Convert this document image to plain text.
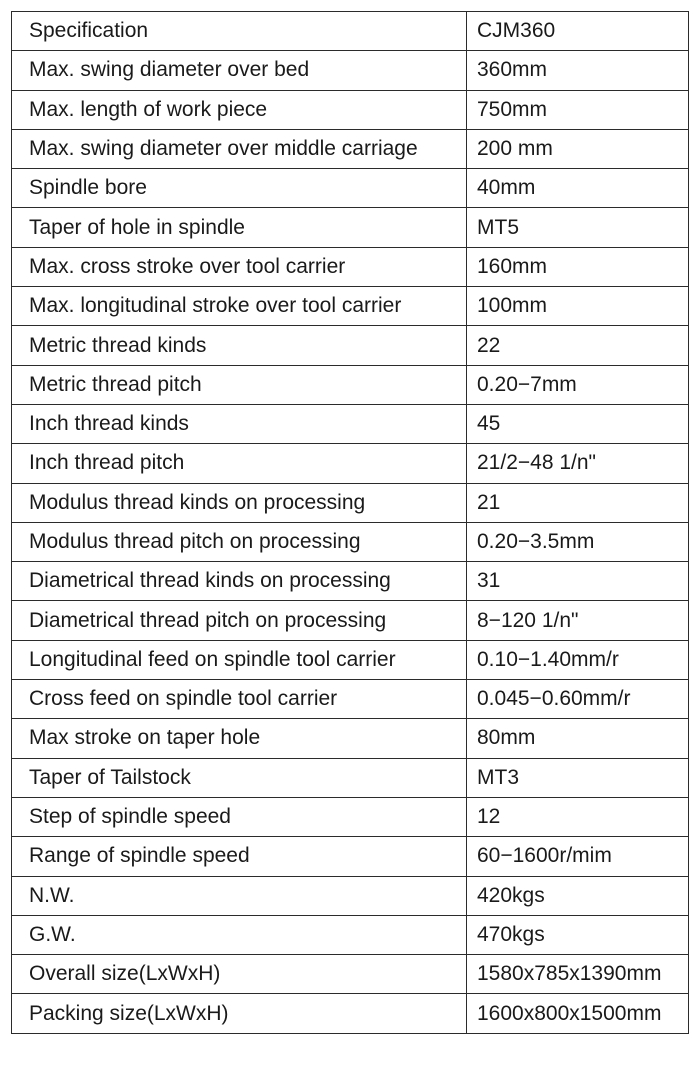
Specification	CJM360
Max. swing diameter over bed	360mm
Max. length of work piece	750mm
Max. swing diameter over middle carriage	200 mm
Spindle bore	40mm
Taper of hole in spindle	MT5
Max. cross stroke over tool carrier	160mm
Max. longitudinal stroke over tool carrier	100mm
Metric thread kinds	22
Metric thread pitch	0.20−7mm
Inch thread kinds	45
Inch thread pitch	21/2−48 1/n"
Modulus thread kinds on processing	21
Modulus thread pitch on processing	0.20−3.5mm
Diametrical thread kinds on processing	31
Diametrical thread pitch on processing	8−120 1/n"
Longitudinal feed on spindle tool carrier	0.10−1.40mm/r
Cross feed on spindle tool carrier	0.045−0.60mm/r
Max stroke on taper hole	80mm
Taper of Tailstock	MT3
Step of spindle speed	12
Range of spindle speed	60−1600r/mim
N.W.	420kgs
G.W.	470kgs
Overall size(LxWxH)	1580x785x1390mm
Packing size(LxWxH)	1600x800x1500mm
